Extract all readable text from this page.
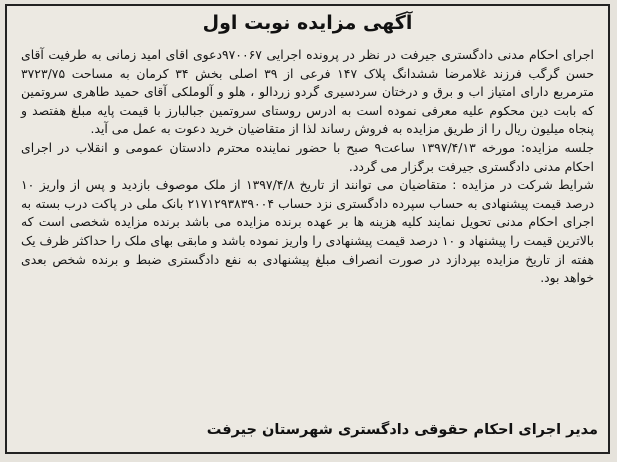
آگهی مزایده نوبت اول

اجرای احکام مدنی دادگستری جیرفت در نظر در پرونده اجرایی ۹۷۰۰۶۷دعوی اقای امید زمانی به طرفیت آقای حسن گرگب فرزند غلامرضا ششدانگ پلاک ۱۴۷ فرعی از ۳۹ اصلی بخش ۳۴ کرمان به مساحت ۳۷۲۳/۷۵ مترمربع دارای امتیاز اب و برق و درختان سردسیری گردو زردالو ، هلو و آلوملکی آقای حمید طاهری سروتمین که بابت دین محکوم علیه معرفی نموده است به ادرس روستای سروتمین جبالبارز با قیمت پایه مبلغ هفتصد و پنجاه میلیون ریال را از طریق مزایده به فروش رساند لذا از متقاضیان خرید دعوت به عمل می آید.

جلسه مزایده: مورخه ۱۳۹۷/۴/۱۳ ساعت۹ صبح با حضور نماینده محترم دادستان عمومی و انقلاب در اجرای احکام مدنی دادگستری جیرفت برگزار می گردد.

شرایط شرکت در مزایده : متقاضیان می توانند از تاریخ ۱۳۹۷/۴/۸ از ملک موصوف بازدید و پس از واریز ۱۰ درصد قیمت پیشنهادی به حساب سپرده دادگستری نزد حساب ۲۱۷۱۲۹۳۸۳۹۰۰۴ بانک ملی در پاکت درب بسته به اجرای احکام مدنی تحویل نمایند کلیه هزینه ها بر عهده برنده مزایده می باشد برنده مزایده شخصی است که بالاترین قیمت را پیشنهاد و ۱۰ درصد قیمت پیشنهادی را واریز نموده باشد و مابقی بهای ملک را حداکثر ظرف یک هفته از تاریخ مزایده بپردازد در صورت انصراف مبلغ پیشنهادی به نفع دادگستری ضبط و برنده شخص بعدی خواهد بود.

مدیر اجرای احکام حقوقی دادگستری شهرستان جیرفت
